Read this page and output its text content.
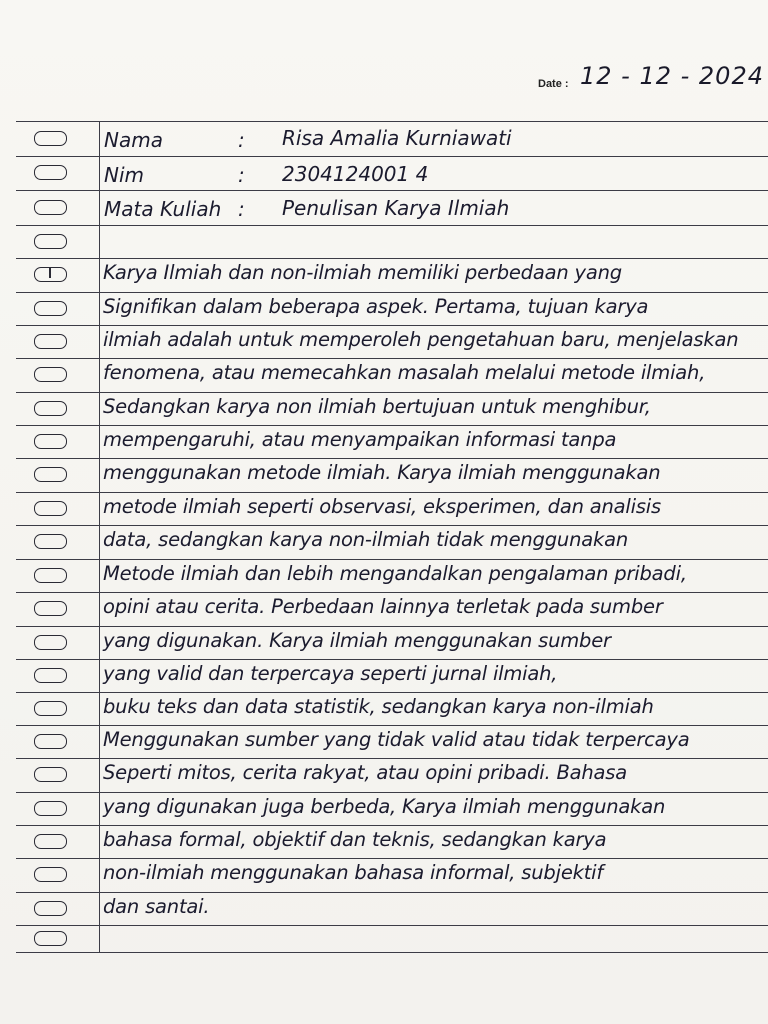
Date : 12 - 12 - 2024
Nama	: Risa Amalia Kurniawati
Nim	: 2304124001 4
Mata Kuliah : Penulisan Karya Ilmiah
Karya Ilmiah dan non-ilmiah memiliki perbedaan yang
Signifikan dalam beberapa aspek. Pertama, tujuan karya
ilmiah adalah untuk memperoleh pengetahuan baru, menjelaskan
fenomena, atau memecahkan masalah melalui metode ilmiah,
Sedangkan karya non ilmiah bertujuan untuk menghibur,
mempengaruhi, atau menyampaikan informasi tanpa
menggunakan metode ilmiah. Karya ilmiah menggunakan
metode ilmiah seperti observasi, eksperimen, dan analisis
data, sedangkan karya non-ilmiah tidak menggunakan
Metode ilmiah dan lebih mengandalkan pengalaman pribadi,
opini atau cerita. Perbedaan lainnya terletak pada sumber
yang digunakan. Karya ilmiah menggunakan sumber
yang valid dan terpercaya seperti jurnal ilmiah,
buku teks dan data statistik, sedangkan karya non-ilmiah
Menggunakan sumber yang tidak valid atau tidak terpercaya
Seperti mitos, cerita rakyat, atau opini pribadi. Bahasa
yang digunakan juga berbeda, Karya ilmiah menggunakan
bahasa formal, objektif dan teknis, sedangkan karya
non-ilmiah menggunakan bahasa informal, subjektif
dan santai.
